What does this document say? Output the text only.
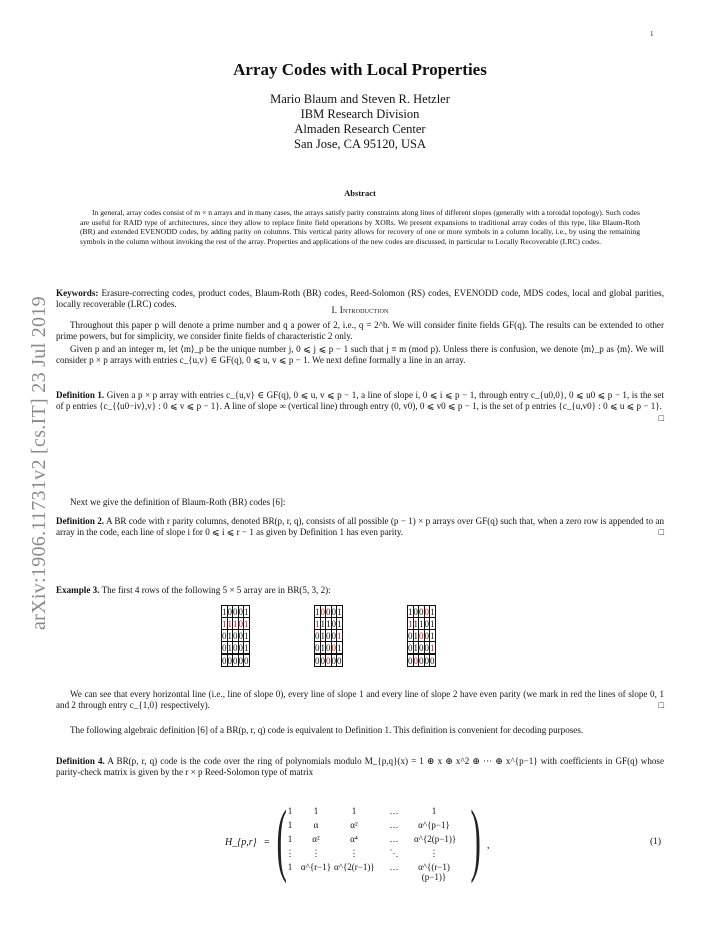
1
arXiv:1906.11731v2 [cs.IT] 23 Jul 2019
Array Codes with Local Properties
Mario Blaum and Steven R. Hetzler
IBM Research Division
Almaden Research Center
San Jose, CA 95120, USA
Abstract
In general, array codes consist of m × n arrays and in many cases, the arrays satisfy parity constraints along lines of different slopes (generally with a toroidal topology). Such codes are useful for RAID type of architectures, since they allow to replace finite field operations by XORs. We present expansions to traditional array codes of this type, like Blaum-Roth (BR) and extended EVENODD codes, by adding parity on columns. This vertical parity allows for recovery of one or more symbols in a column locally, i.e., by using the remaining symbols in the column without invoking the rest of the array. Properties and applications of the new codes are discussed, in particular to Locally Recoverable (LRC) codes.
Keywords: Erasure-correcting codes, product codes, Blaum-Roth (BR) codes, Reed-Solomon (RS) codes, EVENODD code, MDS codes, local and global parities, locally recoverable (LRC) codes.
I. Introduction
Throughout this paper p will denote a prime number and q a power of 2, i.e., q = 2^b. We will consider finite fields GF(q). The results can be extended to other prime powers, but for simplicity, we consider finite fields of characteristic 2 only.
Given p and an integer m, let ⟨m⟩_p be the unique number j, 0 ⩽ j ⩽ p − 1 such that j ≡ m (mod p). Unless there is confusion, we denote ⟨m⟩_p as ⟨m⟩. We will consider p × p arrays with entries c_{u,v} ∈ GF(q), 0 ⩽ u, v ⩽ p − 1. We next define formally a line in an array.
Definition 1. Given a p × p array with entries c_{u,v} ∈ GF(q), 0 ⩽ u, v ⩽ p − 1, a line of slope i, 0 ⩽ i ⩽ p − 1, through entry c_{u0,0}, 0 ⩽ u0 ⩽ p − 1, is the set of p entries {c_{⟨u0−iv⟩,v} : 0 ⩽ v ⩽ p − 1}. A line of slope ∞ (vertical line) through entry (0, v0), 0 ⩽ v0 ⩽ p − 1, is the set of p entries {c_{u,v0} : 0 ⩽ u ⩽ p − 1}.
□
Next we give the definition of Blaum-Roth (BR) codes [6]:
Definition 2. A BR code with r parity columns, denoted BR(p, r, q), consists of all possible (p − 1) × p arrays over GF(q) such that, when a zero row is appended to an array in the code, each line of slope i for 0 ⩽ i ⩽ r − 1 as given by Definition 1 has even parity.	□
Example 3. The first 4 rows of the following 5 × 5 array are in BR(5, 3, 2):
1	0	0	0	1
1	1	1	0	1
0	1	0	0	1
0	1	0	0	1
0	0	0	0	0
1	0	0	0	1
1	1	1	0	1
0	1	0	0	1
0	1	0	0	1
0	0	0	0	0
1	0	0	0	1
1	1	1	0	1
0	1	0	0	1
0	1	0	0	1
0	0	0	0	0
We can see that every horizontal line (i.e., line of slope 0), every line of slope 1 and every line of slope 2 have even parity (we mark in red the lines of slope 0, 1 and 2 through entry c_{1,0} respectively).	□
The following algebraic definition [6] of a BR(p, r, q) code is equivalent to Definition 1. This definition is convenient for decoding purposes.
Definition 4. A BR(p, r, q) code is the code over the ring of polynomials modulo M_{p,q}(x) = 1 ⊕ x ⊕ x^2 ⊕ ··· ⊕ x^{p−1} with coefficients in GF(q) whose parity-check matrix is given by the r × p Reed-Solomon type of matrix
H_{p,r} = ( ) ,	(1)
1	1	1	…	1
1	α	α²	…	α^{p−1}
1	α²	α⁴	…	α^{2(p−1)}
⋮	⋮	⋮	⋱	⋮
1 α^{r−1} α^{2(r−1)}	…	α^{(r−1)(p−1)}
